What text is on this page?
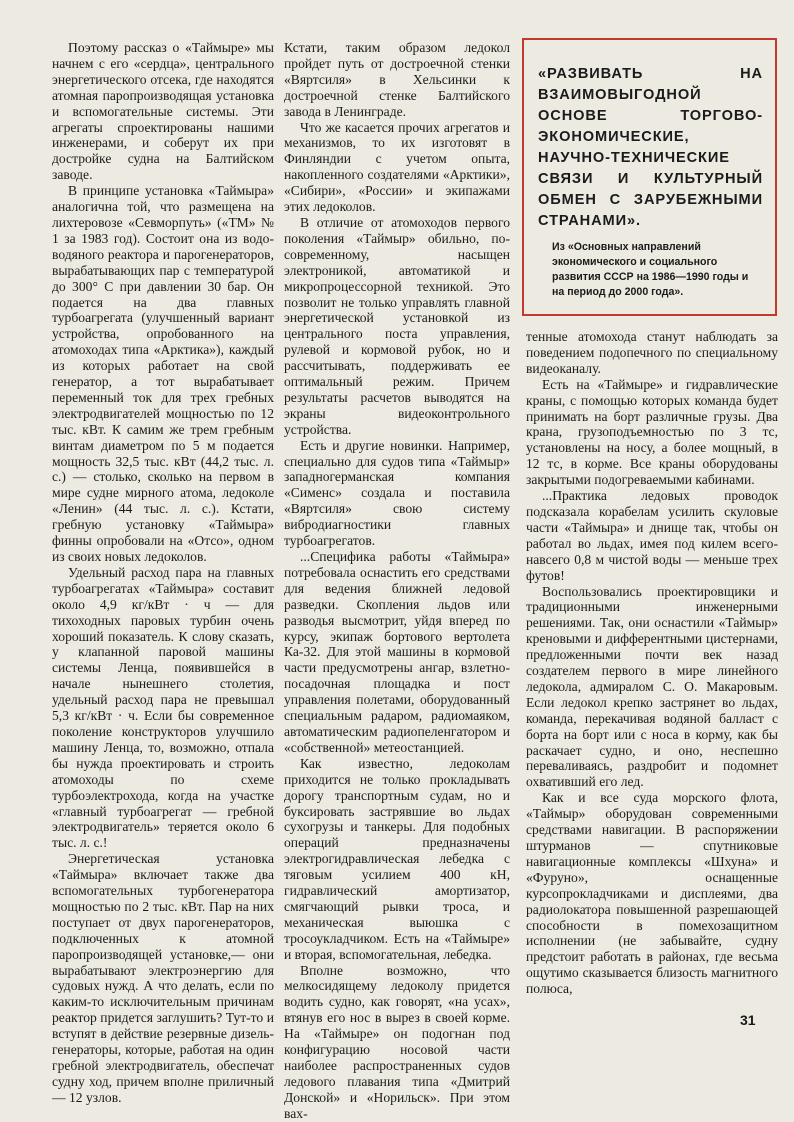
Поэтому рассказ о «Таймыре» мы начнем с его «сердца», центрального энергетического отсека, где находятся атомная паропроизводящая установка и вспомогательные системы. Эти агрегаты спроектированы нашими инженерами, и соберут их при достройке судна на Балтийском заводе.

В принципе установка «Таймыра» аналогична той, что размещена на лихтеровозе «Севморпуть» («ТМ» № 1 за 1983 год). Состоит она из водо-водяного реактора и парогенераторов, вырабатывающих пар с температурой до 300° С при давлении 30 бар. Он подается на два главных турбоагрегата (улучшенный вариант устройства, опробованного на атомоходах типа «Арктика»), каждый из которых работает на свой генератор, а тот вырабатывает переменный ток для трех гребных электродвигателей мощностью по 12 тыс. кВт. К самим же трем гребным винтам диаметром по 5 м подается мощность 32,5 тыс. кВт (44,2 тыс. л. с.) — столько, сколько на первом в мире судне мирного атома, ледоколе «Ленин» (44 тыс. л. с.). Кстати, гребную установку «Таймыра» финны опробовали на «Отсо», одном из своих новых ледоколов.

Удельный расход пара на главных турбоагрегатах «Таймыра» составит около 4,9 кг/кВт · ч — для тихоходных паровых турбин очень хороший показатель. К слову сказать, у клапанной паровой машины системы Ленца, появившейся в начале нынешнего столетия, удельный расход пара не превышал 5,3 кг/кВт · ч. Если бы современное поколение конструкторов улучшило машину Ленца, то, возможно, отпала бы нужда проектировать и строить атомоходы по схеме турбоэлектрохода, когда на участке «главный турбоагрегат — гребной электродвигатель» теряется около 6 тыс. л. с.!

Энергетическая установка «Таймыра» включает также два вспомогательных турбогенератора мощностью по 2 тыс. кВт. Пар на них поступает от двух парогенераторов, подключенных к атомной паропроизводящей установке,— они вырабатывают электроэнергию для судовых нужд. А что делать, если по каким-то исключительным причинам реактор придется заглушить? Тут-то и вступят в действие резервные дизель-генераторы, которые, работая на один гребной электродвигатель, обеспечат судну ход, причем вполне приличный — 12 узлов.

Кстати, таким образом ледокол пройдет путь от достроечной стенки «Вяртсиля» в Хельсинки к достроечной стенке Балтийского завода в Ленинграде.

Что же касается прочих агрегатов и механизмов, то их изготовят в Финляндии с учетом опыта, накопленного создателями «Арктики», «Сибири», «России» и экипажами этих ледоколов.

В отличие от атомоходов первого поколения «Таймыр» обильно, по-современному, насыщен электроникой, автоматикой и микропроцессорной техникой. Это позволит не только управлять главной энергетической установкой из центрального поста управления, рулевой и кормовой рубок, но и рассчитывать, поддерживать ее оптимальный режим. Причем результаты расчетов выводятся на экраны видеоконтрольного устройства.

Есть и другие новинки. Например, специально для судов типа «Таймыр» западногерманская компания «Сименс» создала и поставила «Вяртсиля» свою систему вибродиагностики главных турбоагрегатов.

...Специфика работы «Таймыра» потребовала оснастить его средствами для ведения ближней ледовой разведки. Скопления льдов или разводья высмотрит, уйдя вперед по курсу, экипаж бортового вертолета Ка-32. Для этой машины в кормовой части предусмотрены ангар, взлетно-посадочная площадка и пост управления полетами, оборудованный специальным радаром, радиомаяком, автоматическим радиопеленгатором и «собственной» метеостанцией.

Как известно, ледоколам приходится не только прокладывать дорогу транспортным судам, но и буксировать застрявшие во льдах сухогрузы и танкеры. Для подобных операций предназначены электрогидравлическая лебедка с тяговым усилием 400 кН, гидравлический амортизатор, смягчающий рывки троса, и механическая выюшка с тросоукладчиком. Есть на «Таймыре» и вторая, вспомогательная, лебедка.

Вполне возможно, что мелкосидящему ледоколу придется водить судно, как говорят, «на усах», втянув его нос в вырез в своей корме. На «Таймыре» он подогнан под конфигурацию носовой части наиболее распространенных судов ледового плавания типа «Дмитрий Донской» и «Норильск». При этом вах-

«РАЗВИВАТЬ НА ВЗАИМОВЫГОДНОЙ ОСНОВЕ ТОРГОВО-ЭКОНОМИЧЕСКИЕ, НАУЧНО-ТЕХНИЧЕСКИЕ СВЯЗИ И КУЛЬТУРНЫЙ ОБМЕН С ЗАРУБЕЖНЫМИ СТРАНАМИ».

Из «Основных направлений экономического и социального развития СССР на 1986—1990 годы и на период до 2000 года».

тенные атомохода станут наблюдать за поведением подопечного по специальному видеоканалу.

Есть на «Таймыре» и гидравлические краны, с помощью которых команда будет принимать на борт различные грузы. Два крана, грузоподъемностью по 3 тс, установлены на носу, а более мощный, в 12 тс, в корме. Все краны оборудованы закрытыми подогреваемыми кабинами.

...Практика ледовых проводок подсказала корабелам усилить скуловые части «Таймыра» и днище так, чтобы он работал во льдах, имея под килем всего-навсего 0,8 м чистой воды — меньше трех футов!

Воспользовались проектировщики и традиционными инженерными решениями. Так, они оснастили «Таймыр» креновыми и дифферентными цистернами, предложенными почти век назад создателем первого в мире линейного ледокола, адмиралом С. О. Макаровым. Если ледокол крепко застрянет во льдах, команда, перекачивая водяной балласт с борта на борт или с носа в корму, как бы раскачает судно, и оно, неспешно переваливаясь, раздробит и подомнет охвативший его лед.

Как и все суда морского флота, «Таймыр» оборудован современными средствами навигации. В распоряжении штурманов — спутниковые навигационные комплексы «Шхуна» и «Фуруно», оснащенные курсопрокладчиками и дисплеями, два радиолокатора повышенной разрешающей способности в помехозащитном исполнении (не забывайте, судну предстоит работать в районах, где весьма ощутимо сказывается близость магнитного полюса,

31
